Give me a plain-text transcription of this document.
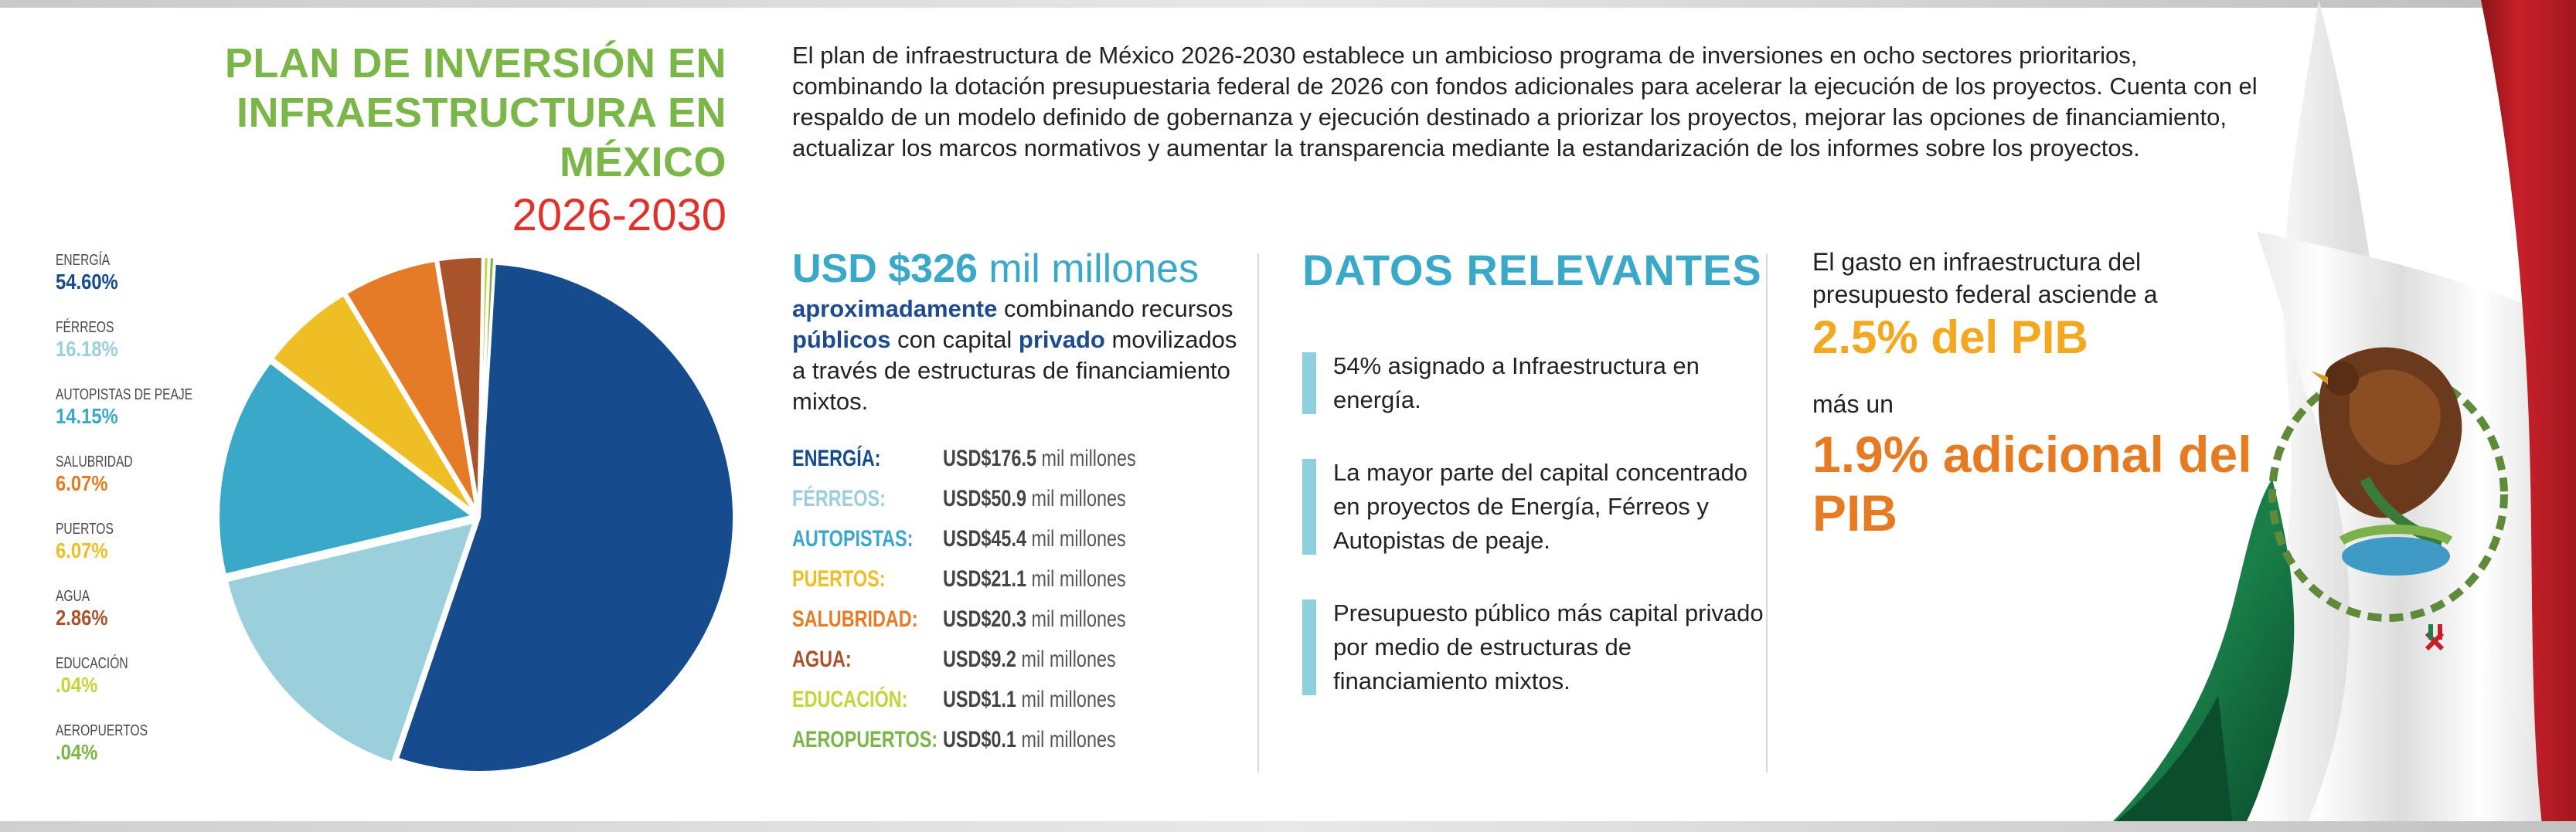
PLAN DE INVERSIÓN EN
INFRAESTRUCTURA EN MÉXICO
2026-2030
El plan de infraestructura de México 2026-2030 establece un ambicioso programa de inversiones en ocho sectores prioritarios, combinando la dotación presupuestaria federal de 2026 con fondos adicionales para acelerar la ejecución de los proyectos. Cuenta con el respaldo de un modelo definido de gobernanza y ejecución destinado a priorizar los proyectos, mejorar las opciones de financiamiento, actualizar los marcos normativos y aumentar la transparencia mediante la estandarización de los informes sobre los proyectos.
ENERGÍA
54.60%
FÉRREOS
16.18%
AUTOPISTAS DE PEAJE
14.15%
SALUBRIDAD
6.07%
PUERTOS
6.07%
AGUA
2.86%
EDUCACIÓN
.04%
AEROPUERTOS
.04%
USD $326 mil millones
aproximadamente combinando recursos públicos con capital privado movilizados a través de estructuras de financiamiento mixtos.
ENERGÍA:	USD$176.5 mil millones
FÉRREOS:	USD$50.9 mil millones
AUTOPISTAS: USD$45.4 mil millones
PUERTOS:	USD$21.1 mil millones
SALUBRIDAD: USD$20.3 mil millones
AGUA:	USD$9.2 mil millones
EDUCACIÓN: USD$1.1 mil millones
AEROPUERTOS: USD$0.1 mil millones
DATOS RELEVANTES
54% asignado a Infraestructura en energía.
La mayor parte del capital concentrado en proyectos de Energía, Férreos y Autopistas de peaje.
Presupuesto público más capital privado por medio de estructuras de financiamiento mixtos.
El gasto en infraestructura del presupuesto federal asciende a
2.5% del PIB
más un
1.9% adicional del PIB
